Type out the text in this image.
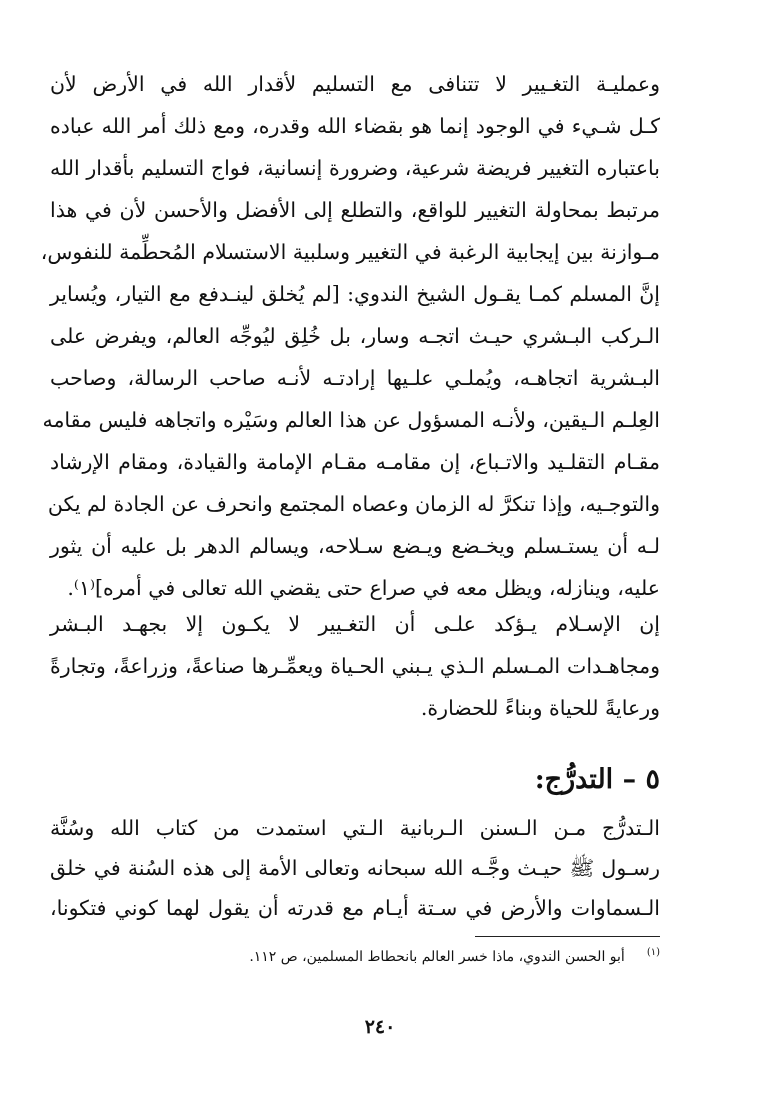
وعمليـة التغـيير لا تتنافى مع التسليم لأقدار الله في الأرض لأن
كـل شـيء في الوجود إنما هو بقضاء الله وقدره، ومع ذلك أمر الله عباده
باعتباره التغيير فريضة شرعية، وضرورة إنسانية، فواج التسليم بأقدار الله
مرتبط بمحاولة التغيير للواقع، والتطلع إلى الأفضل والأحسن لأن في هذا
مـوازنة بين إيجابية الرغبة في التغيير وسلبية الاستسلام المُحطِّمة للنفوس،
إنَّ المسلم كمـا يقـول الشيخ الندوي: [لم يُخلق لينـدفع مع التيار، ويُساير
الـركب البـشري حيـث اتجـه وسار، بل خُلِق ليُوجِّه العالم، ويفرض على
البـشرية اتجاهـه، ويُملـي علـيها إرادتـه لأنـه صاحب الرسالة، وصاحب
العِلـم الـيقين، ولأنـه المسؤول عن هذا العالم وسَيْره واتجاهه فليس مقامه
مقـام التقلـيد والاتـباع، إن مقامـه مقـام الإمامة والقيادة، ومقام الإرشاد
والتوجـيه، وإذا تنكرَّ له الزمان وعصاه المجتمع وانحرف عن الجادة لم يكن
لـه أن يستـسلم ويخـضع ويـضع سـلاحه، ويسالم الدهر بل عليه أن يثور
عليه، وينازله، ويظل معه في صراع حتى يقضي الله تعالى في أمره]⁽١⁾.
إن الإسـلام يـؤكد علـى أن التغـيير لا يكـون إلا بجهـد البـشر
ومجاهـدات المـسلم الـذي يـبني الحـياة ويعمِّـرها صناعةً، وزراعةً، وتجارةً
ورعايةً للحياة وبناءً للحضارة.
٥ – التدرُّج:
الـتدرُّج مـن الـسنن الـربانية الـتي استمدت من كتاب الله وسُنَّة
رسـول ﷺ حيـث وجَّـه الله سبحانه وتعالى الأمة إلى هذه السُنة في خلق
الـسماوات والأرض في سـتة أيـام مع قدرته أن يقول لهما كوني فتكونا،
(١)أبو الحسن الندوي، ماذا خسر العالم بانحطاط المسلمين، ص ١١٢.
٢٤٠
